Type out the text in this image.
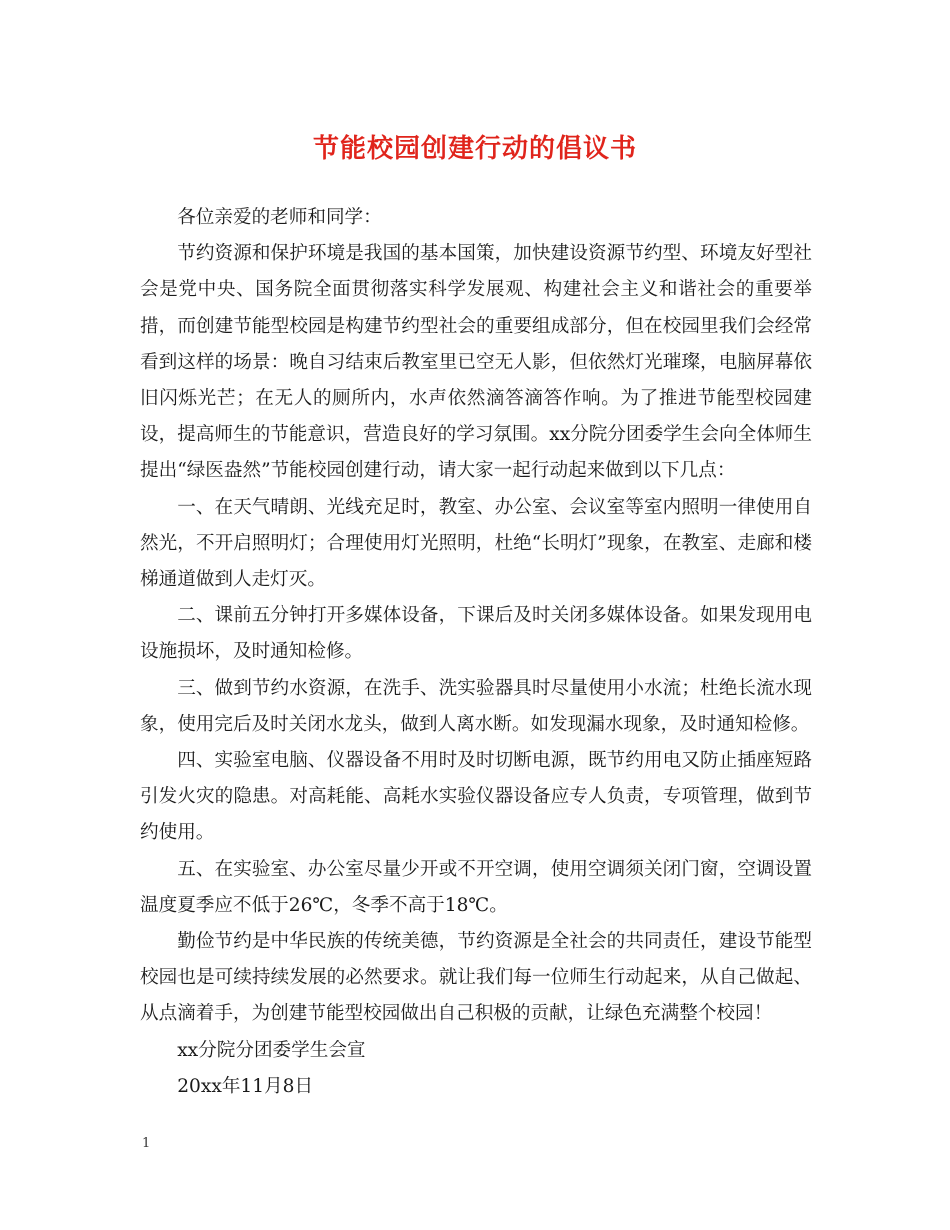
节能校园创建行动的倡议书

各位亲爱的老师和同学：

节约资源和保护环境是我国的基本国策，加快建设资源节约型、环境友好型社会是党中央、国务院全面贯彻落实科学发展观、构建社会主义和谐社会的重要举措，而创建节能型校园是构建节约型社会的重要组成部分，但在校园里我们会经常看到这样的场景：晚自习结束后教室里已空无人影，但依然灯光璀璨，电脑屏幕依旧闪烁光芒；在无人的厕所内，水声依然滴答滴答作响。为了推进节能型校园建设，提高师生的节能意识，营造良好的学习氛围。xx分院分团委学生会向全体师生提出“绿医盎然”节能校园创建行动，请大家一起行动起来做到以下几点：

一、在天气晴朗、光线充足时，教室、办公室、会议室等室内照明一律使用自然光，不开启照明灯；合理使用灯光照明，杜绝“长明灯”现象，在教室、走廊和楼梯通道做到人走灯灭。

二、课前五分钟打开多媒体设备，下课后及时关闭多媒体设备。如果发现用电设施损坏，及时通知检修。

三、做到节约水资源，在洗手、洗实验器具时尽量使用小水流；杜绝长流水现象，使用完后及时关闭水龙头，做到人离水断。如发现漏水现象，及时通知检修。

四、实验室电脑、仪器设备不用时及时切断电源，既节约用电又防止插座短路引发火灾的隐患。对高耗能、高耗水实验仪器设备应专人负责，专项管理，做到节约使用。

五、在实验室、办公室尽量少开或不开空调，使用空调须关闭门窗，空调设置温度夏季应不低于26℃，冬季不高于18℃。

勤俭节约是中华民族的传统美德，节约资源是全社会的共同责任，建设节能型校园也是可续持续发展的必然要求。就让我们每一位师生行动起来，从自己做起、从点滴着手，为创建节能型校园做出自己积极的贡献，让绿色充满整个校园！

xx分院分团委学生会宣

20xx年11月8日

1
